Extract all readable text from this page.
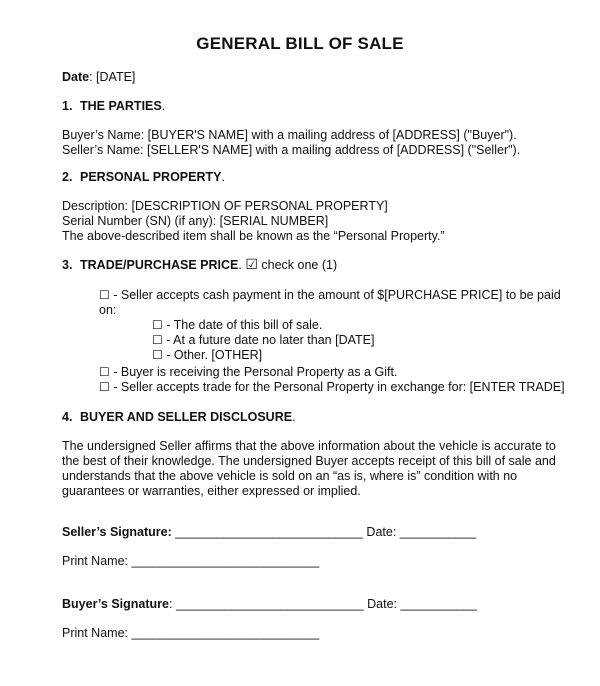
GENERAL BILL OF SALE
Date: [DATE]
1. THE PARTIES.
Buyer’s Name: [BUYER'S NAME] with a mailing address of [ADDRESS] ("Buyer").
Seller’s Name: [SELLER'S NAME] with a mailing address of [ADDRESS] ("Seller").
2. PERSONAL PROPERTY.
Description: [DESCRIPTION OF PERSONAL PROPERTY]
Serial Number (SN) (if any): [SERIAL NUMBER]
The above-described item shall be known as the “Personal Property.”
3. TRADE/PURCHASE PRICE. ☑ check one (1)
☐ - Seller accepts cash payment in the amount of $[PURCHASE PRICE] to be paid
on:
☐ - The date of this bill of sale.
☐ - At a future date no later than [DATE]
☐ - Other. [OTHER]
☐ - Buyer is receiving the Personal Property as a Gift.
☐ - Seller accepts trade for the Personal Property in exchange for: [ENTER TRADE]
4. BUYER AND SELLER DISCLOSURE.
The undersigned Seller affirms that the above information about the vehicle is accurate to
the best of their knowledge. The undersigned Buyer accepts receipt of this bill of sale and
understands that the above vehicle is sold on an “as is, where is” condition with no
guarantees or warranties, either expressed or implied.
Seller’s Signature: ___________________________ Date: ___________
Print Name: ___________________________
Buyer’s Signature: ___________________________ Date: ___________
Print Name: ___________________________
